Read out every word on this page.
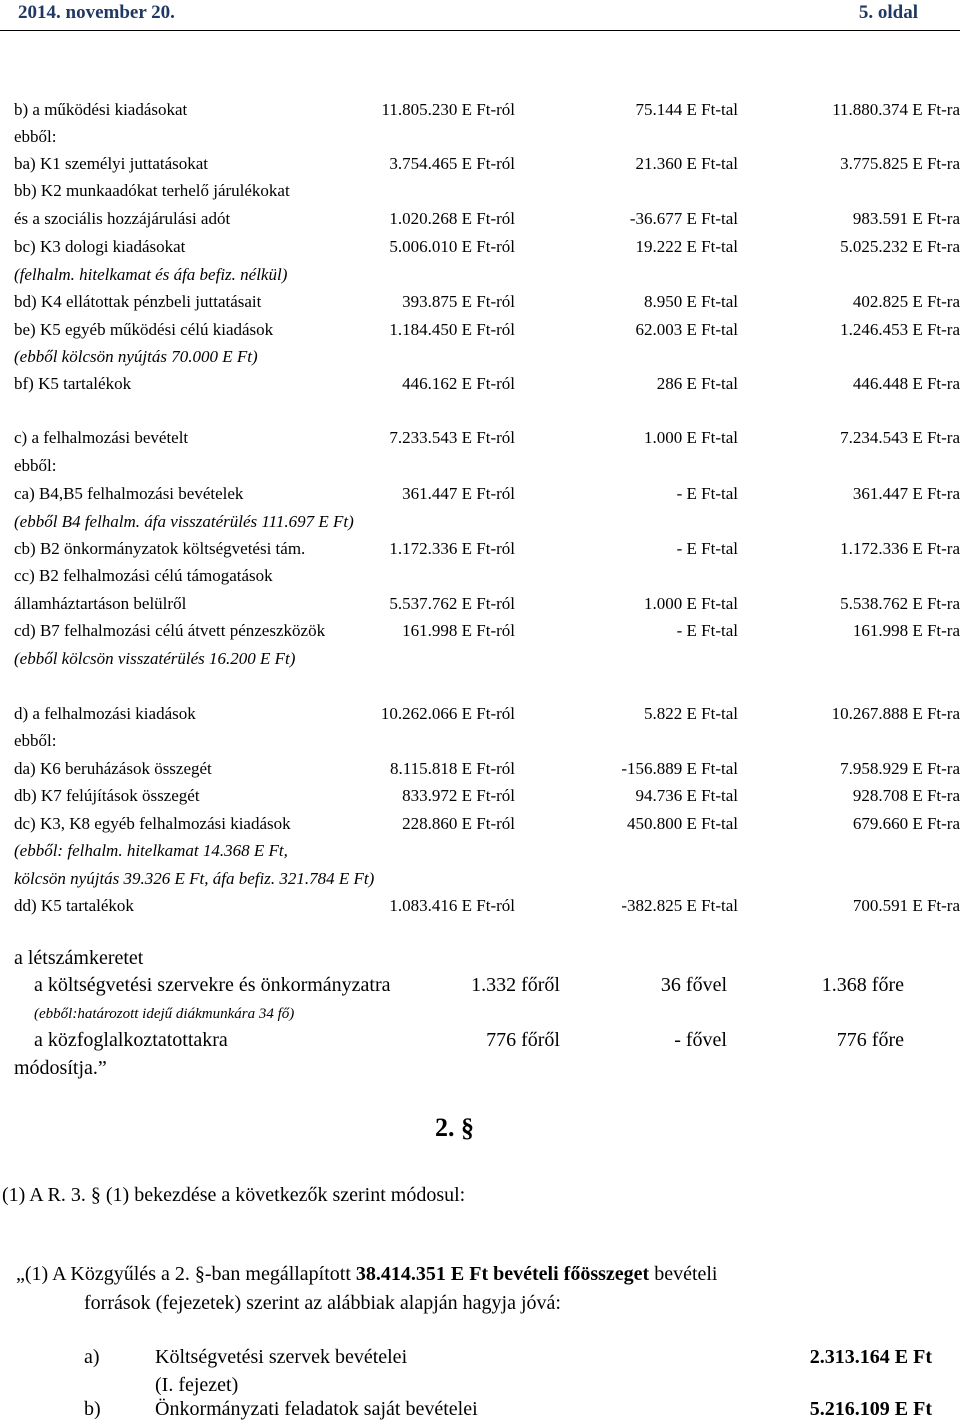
2014. november 20.	5. oldal
b) a működési kiadásokat	11.805.230 E Ft-ról	75.144 E Ft-tal	11.880.374 E Ft-ra
ebből:
ba) K1 személyi juttatásokat	3.754.465 E Ft-ról	21.360 E Ft-tal	3.775.825 E Ft-ra
bb) K2 munkaadókat terhelő járulékokat
és a szociális hozzájárulási adót	1.020.268 E Ft-ról	-36.677 E Ft-tal	983.591 E Ft-ra
bc) K3 dologi kiadásokat	5.006.010 E Ft-ról	19.222 E Ft-tal	5.025.232 E Ft-ra
(felhalm. hitelkamat és áfa befiz. nélkül)
bd) K4 ellátottak pénzbeli juttatásait	393.875 E Ft-ról	8.950 E Ft-tal	402.825 E Ft-ra
be) K5 egyéb működési célú kiadások	1.184.450 E Ft-ról	62.003 E Ft-tal	1.246.453 E Ft-ra
(ebből kölcsön nyújtás 70.000 E Ft)
bf) K5 tartalékok	446.162 E Ft-ról	286 E Ft-tal	446.448 E Ft-ra
c) a felhalmozási bevételt	7.233.543 E Ft-ról	1.000 E Ft-tal	7.234.543 E Ft-ra
ebből:
ca) B4,B5 felhalmozási bevételek	361.447 E Ft-ról	- E Ft-tal	361.447 E Ft-ra
(ebből B4 felhalm. áfa visszatérülés 111.697 E Ft)
cb) B2 önkormányzatok költségvetési tám.	1.172.336 E Ft-ról	- E Ft-tal	1.172.336 E Ft-ra
cc) B2 felhalmozási célú támogatások
államháztartáson belülről	5.537.762 E Ft-ról	1.000 E Ft-tal	5.538.762 E Ft-ra
cd) B7 felhalmozási célú átvett pénzeszközök	161.998 E Ft-ról	- E Ft-tal	161.998 E Ft-ra
(ebből kölcsön visszatérülés 16.200 E Ft)
d) a felhalmozási kiadások	10.262.066 E Ft-ról	5.822 E Ft-tal	10.267.888 E Ft-ra
ebből:
da) K6 beruházások összegét	8.115.818 E Ft-ról	-156.889 E Ft-tal	7.958.929 E Ft-ra
db) K7 felújítások összegét	833.972 E Ft-ról	94.736 E Ft-tal	928.708 E Ft-ra
dc) K3, K8 egyéb felhalmozási kiadások	228.860 E Ft-ról	450.800 E Ft-tal	679.660 E Ft-ra
(ebből: felhalm. hitelkamat 14.368 E Ft,
kölcsön nyújtás 39.326 E Ft, áfa befiz. 321.784 E Ft)
dd) K5 tartalékok	1.083.416 E Ft-ról	-382.825 E Ft-tal	700.591 E Ft-ra
a létszámkeretet
a költségvetési szervekre és önkormányzatra	1.332 főről	36 fővel	1.368 főre
(ebből:határozott idejű diákmunkára 34 fő)
a közfoglalkoztatottakra	776 főről	- fővel	776 főre
módosítja.”
2. §
(1) A R. 3. § (1) bekezdése a következők szerint módosul:
„(1) A Közgyűlés a 2. §-ban megállapított 38.414.351 E Ft bevételi főösszeget bevételi
források (fejezetek) szerint az alábbiak alapján hagyja jóvá:
a)	Költségvetési szervek bevételei	2.313.164 E Ft
(I. fejezet)
b)	Önkormányzati feladatok saját bevételei	5.216.109 E Ft
